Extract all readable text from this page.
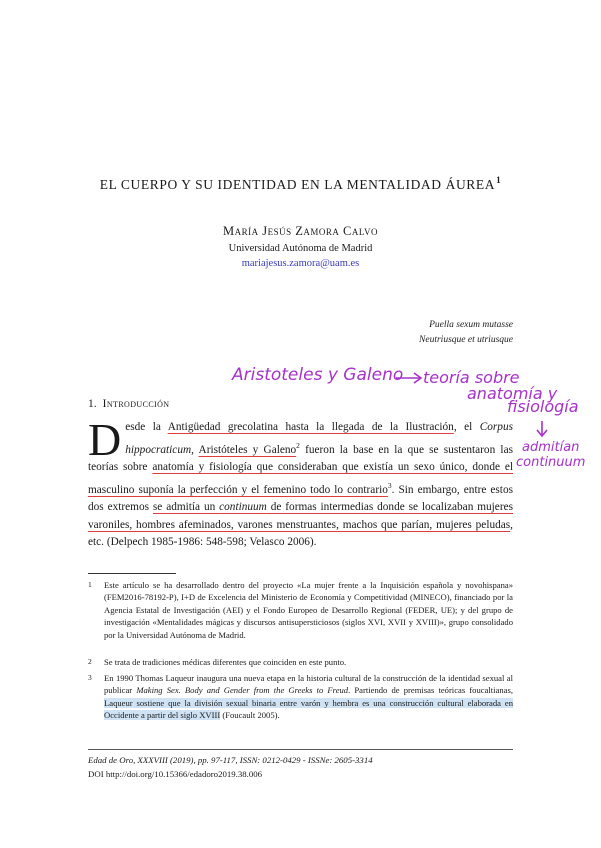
EL CUERPO Y SU IDENTIDAD EN LA MENTALIDAD ÁUREA$^1$
María Jesús Zamora Calvo
Universidad Autónoma de Madrid
mariajesus.zamora@uam.es
Puella sexum mutasse
Neutriusque et utriusque
1. Introducción
Aristoteles y Galeno teoría sobre
anatomía y
fisiología
admitían
continuum
Desde la Antigüedad grecolatina hasta la llegada de la Ilustración, el Corpus hippocraticum, Aristóteles y Galeno$^2$ fueron la base en la que se sustentaron las teorías sobre anatomía y fisiología que consideraban que existía un sexo único, donde el masculino suponía la perfección y el femenino todo lo contrario$^3$. Sin embargo, entre estos dos extremos se admitía un continuum de formas intermedias donde se localizaban mujeres varoniles, hombres afeminados, varones menstruantes, machos que parían, mujeres peludas, etc. (Delpech 1985-1986: 548-598; Velasco 2006).
1 Este artículo se ha desarrollado dentro del proyecto «La mujer frente a la Inquisición española y novohispana» (FEM2016-78192-P), I+D de Excelencia del Ministerio de Economía y Competitividad (MINECO), financiado por la Agencia Estatal de Investigación (AEI) y el Fondo Europeo de Desarrollo Regional (FEDER, UE); y del grupo de investigación «Mentalidades mágicas y discursos antisupersticiosos (siglos XVI, XVII y XVIII)», grupo consolidado por la Universidad Autónoma de Madrid.
2 Se trata de tradiciones médicas diferentes que coinciden en este punto.
3 En 1990 Thomas Laqueur inaugura una nueva etapa en la historia cultural de la construcción de la identidad sexual al publicar Making Sex. Body and Gender from the Greeks to Freud. Partiendo de premisas teóricas foucaltianas, Laqueur sostiene que la división sexual binaria entre varón y hembra es una construcción cultural elaborada en Occidente a partir del siglo XVIII (Foucault 2005).
Edad de Oro, XXXVIII (2019), pp. 97-117, ISSN: 0212-0429 - ISSNe: 2605-3314
DOI http://doi.org/10.15366/edadoro2019.38.006
